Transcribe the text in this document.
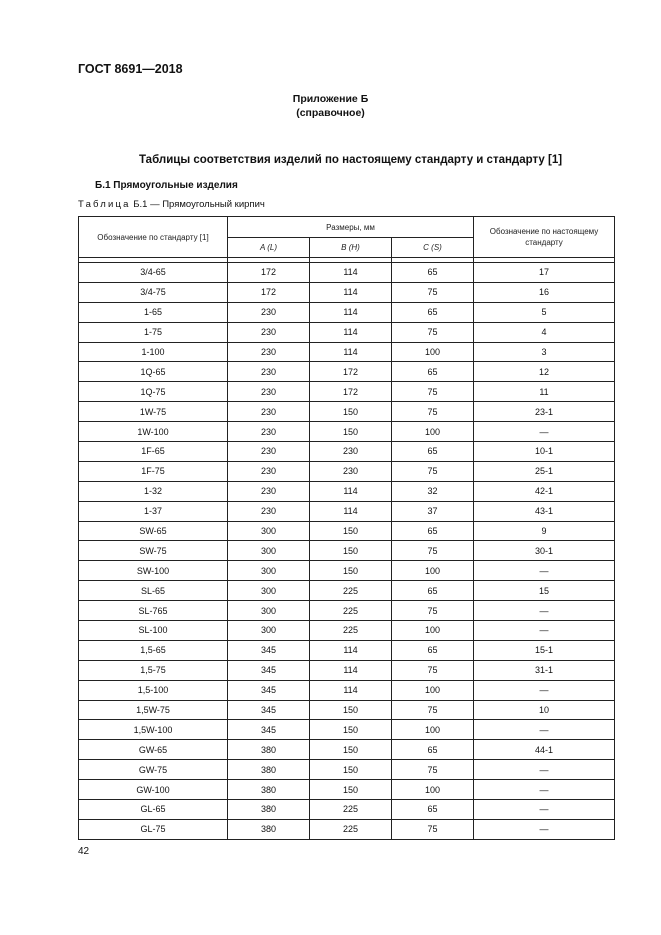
ГОСТ 8691—2018
Приложение Б
(справочное)
Таблицы соответствия изделий по настоящему стандарту и стандарту [1]
Б.1 Прямоугольные изделия
Таблица Б.1 — Прямоугольный кирпич
Обозначение по стандарту [1]	Размеры, мм			Обозначение по настоящему стандарту
	A (L)	B (H)	C (S)	

3/4-65	172	114	65	17
3/4-75	172	114	75	16
1-65	230	114	65	5
1-75	230	114	75	4
1-100	230	114	100	3
1Q-65	230	172	65	12
1Q-75	230	172	75	11
1W-75	230	150	75	23-1
1W-100	230	150	100	—
1F-65	230	230	65	10-1
1F-75	230	230	75	25-1
1-32	230	114	32	42-1
1-37	230	114	37	43-1
SW-65	300	150	65	9
SW-75	300	150	75	30-1
SW-100	300	150	100	—
SL-65	300	225	65	15
SL-765	300	225	75	—
SL-100	300	225	100	—
1,5-65	345	114	65	15-1
1,5-75	345	114	75	31-1
1,5-100	345	114	100	—
1,5W-75	345	150	75	10
1,5W-100	345	150	100	—
GW-65	380	150	65	44-1
GW-75	380	150	75	—
GW-100	380	150	100	—
GL-65	380	225	65	—
GL-75	380	225	75	—
42
